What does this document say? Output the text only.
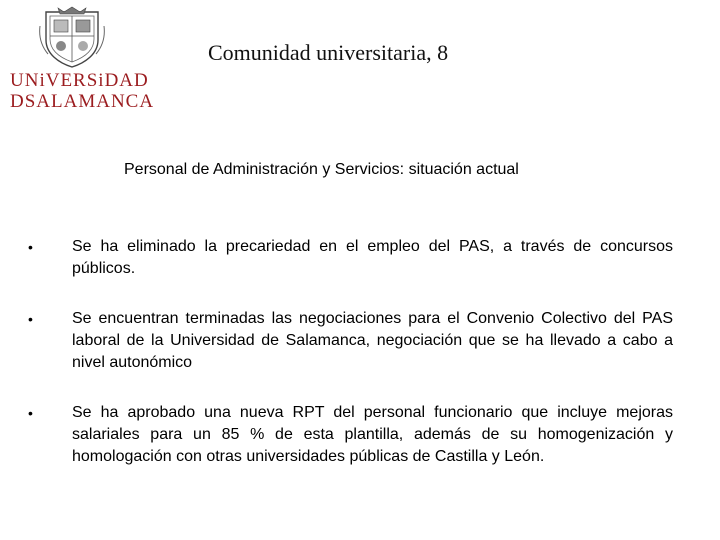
UNiVERSiDAD
DSALAMANCA
Comunidad universitaria, 8
Personal de Administración y Servicios: situación actual
• Se ha eliminado la precariedad en el empleo del PAS, a través de concursos públicos.
• Se encuentran terminadas las negociaciones para el Convenio Colectivo del PAS laboral de la Universidad de Salamanca, negociación que se ha llevado a cabo a nivel autonómico
• Se ha aprobado una nueva RPT del personal funcionario que incluye mejoras salariales para un 85 % de esta plantilla, además de su homogenización y homologación con otras universidades públicas de Castilla y León.
